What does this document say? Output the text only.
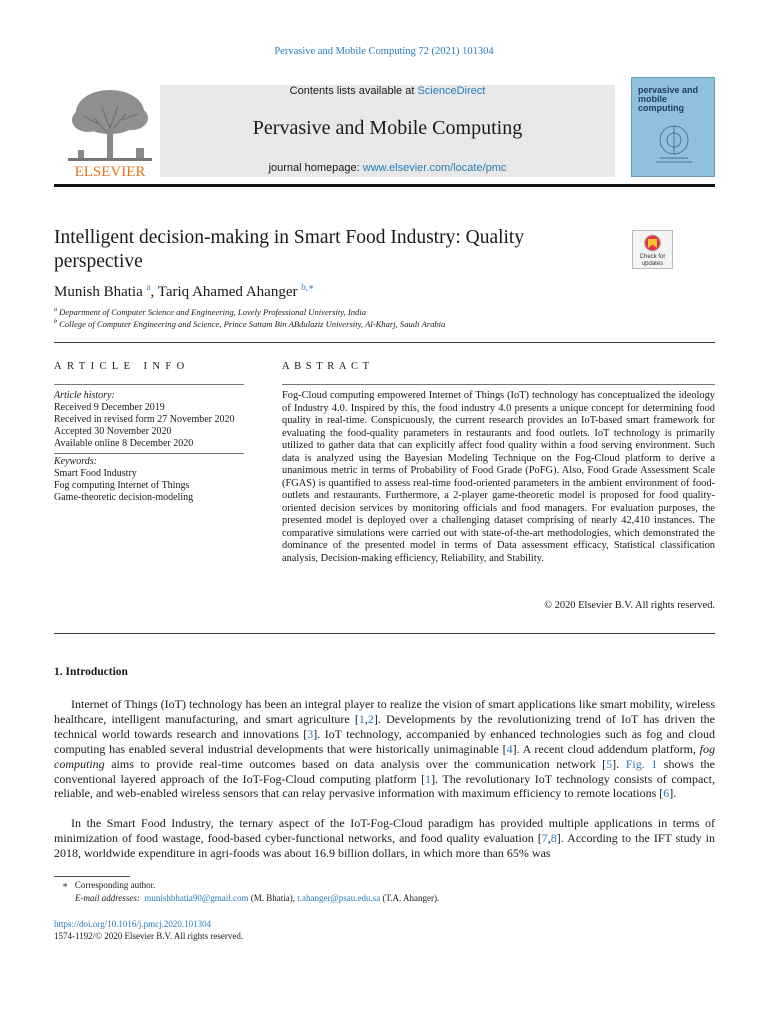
Pervasive and Mobile Computing 72 (2021) 101304
ELSEVIER
Contents lists available at ScienceDirect
Pervasive and Mobile Computing
journal homepage: www.elsevier.com/locate/pmc
pervasive and mobile computing
Intelligent decision-making in Smart Food Industry: Quality perspective	Check for updates
Munish Bhatia $^a$, Tariq Ahamed Ahanger $^{b,∗}$
$^a$ Department of Computer Science and Engineering, Lovely Professional University, India
$^b$ College of Computer Engineering and Science, Prince Sattam Bin ABdulaziz University, Al-Kharj, Saudi Arabia
ARTICLE INFO	ABSTRACT
Article history:
Received 9 December 2019
Received in revised form 27 November 2020
Accepted 30 November 2020
Available online 8 December 2020
Keywords:
Smart Food Industry
Fog computing Internet of Things
Game-theoretic decision-modeling
Fog-Cloud computing empowered Internet of Things (IoT) technology has conceptualized the ideology of Industry 4.0. Inspired by this, the food industry 4.0 presents a unique concept for determining food quality in real-time. Conspicuously, the current research provides an IoT-based smart framework for evaluating the food-quality parameters in restaurants and food outlets. IoT technology is primarily utilized to gather data that can explicitly affect food quality within a food serving environment. Such data is analyzed using the Bayesian Modeling Technique on the Fog-Cloud platform to derive a unanimous metric in terms of Probability of Food Grade (PoFG). Also, Food Grade Assessment Scale (FGAS) is quantified to assess real-time food-oriented parameters in the ambient environment of food-outlets and restaurants. Furthermore, a 2-player game-theoretic model is proposed for food quality-oriented decision services by monitoring officials and food managers. For evaluation purposes, the presented model is deployed over a challenging dataset comprising of nearly 42,410 instances. The comparative simulations were carried out with state-of-the-art methodologies, which demonstrated the dominance of the presented model in terms of Data assessment efficacy, Statistical classification analysis, Decision-making efficiency, Reliability, and Stability.
© 2020 Elsevier B.V. All rights reserved.
1. Introduction
Internet of Things (IoT) technology has been an integral player to realize the vision of smart applications like smart mobility, wireless healthcare, intelligent manufacturing, and smart agriculture [1,2]. Developments by the revolutionizing trend of IoT has driven the technical world towards research and innovations [3]. IoT technology, accompanied by enhanced technologies such as fog and cloud computing has enabled several industrial developments that were historically unimaginable [4]. A recent cloud addendum platform, fog computing aims to provide real-time outcomes based on data analysis over the communication network [5]. Fig. 1 shows the conventional layered approach of the IoT-Fog-Cloud computing platform [1]. The revolutionary IoT technology consists of compact, reliable, and web-enabled wireless sensors that can relay pervasive information with maximum efficiency to remote locations [6].
In the Smart Food Industry, the ternary aspect of the IoT-Fog-Cloud paradigm has provided multiple applications in terms of minimization of food wastage, food-based cyber-functional networks, and food quality evaluation [7,8]. According to the IFT study in 2018, worldwide expenditure in agri-foods was about 16.9 billion dollars, in which more than 65% was
∗ Corresponding author.
E-mail addresses: munishbhatia90@gmail.com (M. Bhatia), t.ahanger@psau.edu.sa (T.A. Ahanger).
https://doi.org/10.1016/j.pmcj.2020.101304
1574-1192/© 2020 Elsevier B.V. All rights reserved.
